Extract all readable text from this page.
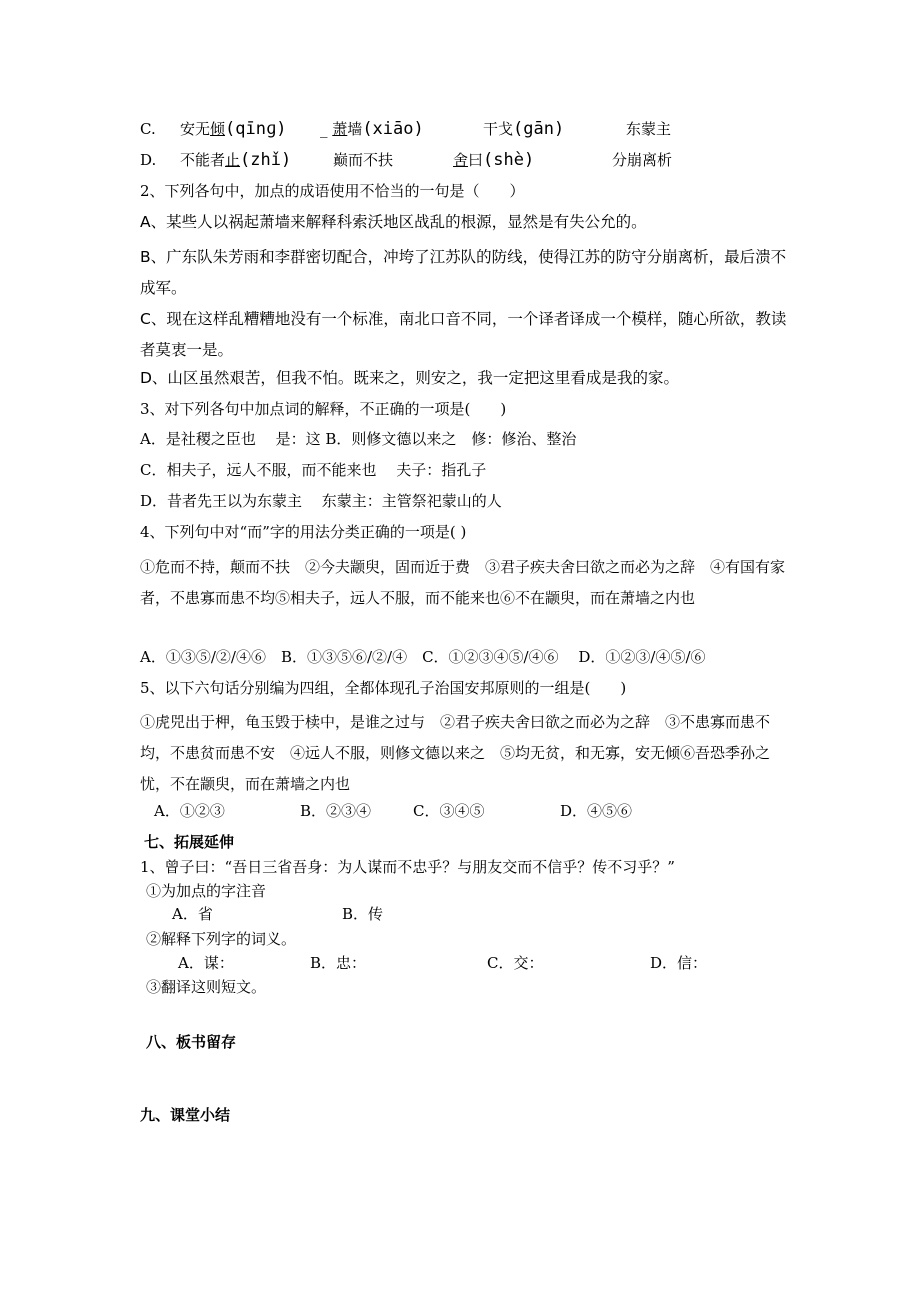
C. 安无倾(qīnɡ) _ 萧墙(xiāo)	干戈(gān)	东蒙主
D. 不能者止(zhǐ)	巅而不扶	舍曰(shè)	分崩离析
2、下列各句中，加点的成语使用不恰当的一句是（　　）
A、某些人以祸起萧墙来解释科索沃地区战乱的根源，显然是有失公允的。
B、广东队朱芳雨和李群密切配合，冲垮了江苏队的防线，使得江苏的防守分崩离析，最后溃不成军。
C、现在这样乱糟糟地没有一个标准，南北口音不同，一个译者译成一个模样，随心所欲，教读者莫衷一是。
D、山区虽然艰苦，但我不怕。既来之，则安之，我一定把这里看成是我的家。
3、对下列各句中加点词的解释，不正确的一项是(　　)
A．是社稷之臣也　 是：这 B．则修文德以来之　修：修治、整治
C．相夫子，远人不服，而不能来也　 夫子：指孔子
D．昔者先王以为东蒙主　 东蒙主：主管祭祀蒙山的人
4、下列句中对“而”字的用法分类正确的一项是( )
①危而不持，颠而不扶　②今夫颛臾，固而近于费　③君子疾夫舍曰欲之而必为之辞　④有国有家者，不患寡而患不均⑤相夫子，远人不服，而不能来也⑥不在颛臾，而在萧墙之内也
A．①③⑤/②/④⑥　B．①③⑤⑥/②/④　C．①②③④⑤/④⑥　 D．①②③/④⑤/⑥
5、以下六句话分别编为四组，全都体现孔子治国安邦原则的一组是(　　)
①虎兕出于柙，龟玉毁于椟中，是谁之过与　②君子疾夫舍曰欲之而必为之辞　③不患寡而患不均，不患贫而患不安　④远人不服，则修文德以来之　⑤均无贫，和无寡，安无倾⑥吾恐季孙之忧，不在颛臾，而在萧墙之内也
A．①②③	B．②③④	C．③④⑤	D．④⑤⑥
七、拓展延伸
1、曾子曰：“吾日三省吾身：为人谋而不忠乎？与朋友交而不信乎？传不习乎？”
①为加点的字注音
A．省	B．传
②解释下列字的词义。
A．谋：	B．忠：	C．交：	D．信：
③翻译这则短文。
八、板书留存
九、课堂小结
